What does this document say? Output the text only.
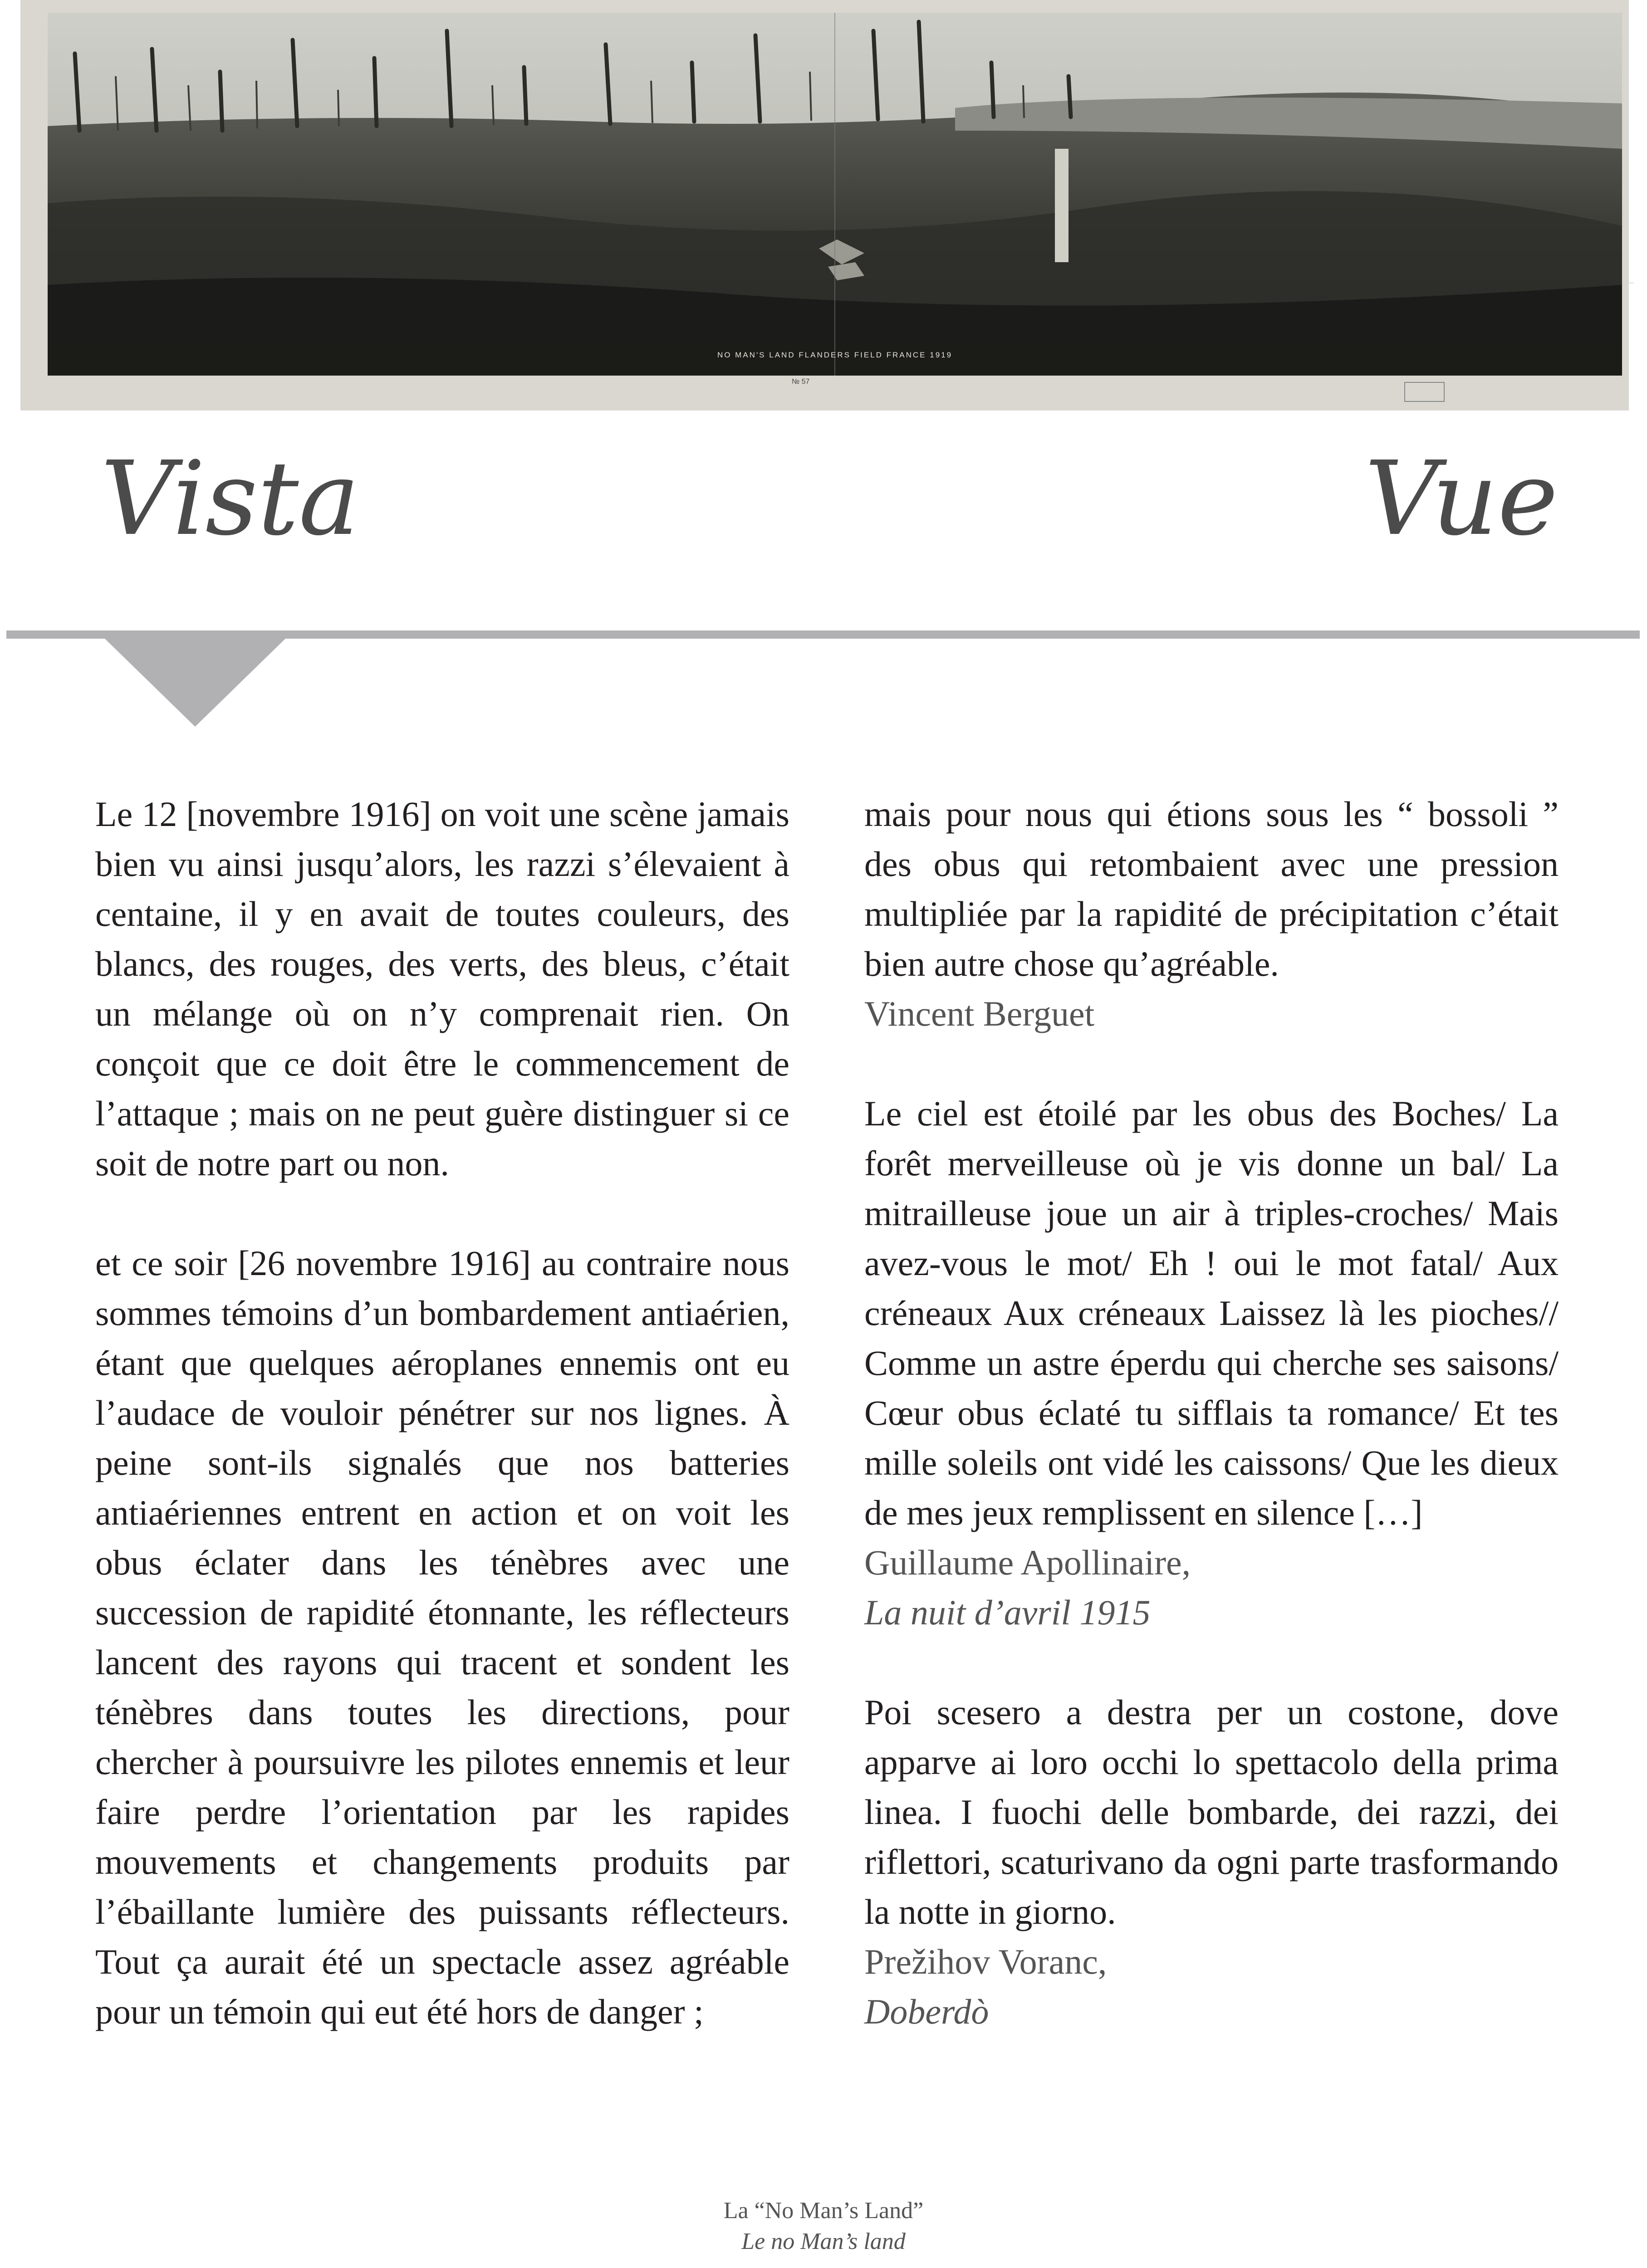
NO MAN'S LAND FLANDERS FIELD FRANCE 1919
▪▪▪
№ 57
Vista	Vue

Le 12 [novembre 1916] on voit une scène jamais bien vu ainsi jusqu’alors, les razzi s’élevaient à centaine, il y en avait de toutes couleurs, des blancs, des rouges, des verts, des bleus, c’était un mélange où on n’y comprenait rien. On conçoit que ce doit être le commencement de l’attaque ; mais on ne peut guère distinguer si ce soit de notre part ou non.

et ce soir [26 novembre 1916] au contraire nous sommes témoins d’un bombardement antiaérien, étant que quelques aéroplanes ennemis ont eu l’audace de vouloir pénétrer sur nos lignes. À peine sont-ils signalés que nos batteries antiaériennes entrent en action et on voit les obus éclater dans les ténèbres avec une succession de rapidité étonnante, les réflecteurs lancent des rayons qui tracent et sondent les ténèbres dans toutes les directions, pour chercher à poursuivre les pilotes ennemis et leur faire perdre l’orientation par les rapides mouvements et changements produits par l’ébaillante lumière des puissants réflecteurs. Tout ça aurait été un spectacle assez agréable pour un témoin qui eut été hors de danger ;

mais pour nous qui étions sous les “ bossoli ” des obus qui retombaient avec une pression multipliée par la rapidité de précipitation c’était bien autre chose qu’agréable.

Vincent Berguet

Le ciel est étoilé par les obus des Boches/ La forêt merveilleuse où je vis donne un bal/ La mitrailleuse joue un air à triples-croches/ Mais avez-vous le mot/ Eh ! oui le mot fatal/ Aux créneaux Aux créneaux Laissez là les pioches// Comme un astre éperdu qui cherche ses saisons/ Cœur obus éclaté tu sifflais ta romance/ Et tes mille soleils ont vidé les caissons/ Que les dieux de mes jeux remplissent en silence […]

Guillaume Apollinaire,

La nuit d’avril 1915

Poi scesero a destra per un costone, dove apparve ai loro occhi lo spettacolo della prima linea. I fuochi delle bombarde, dei razzi, dei riflettori, scaturivano da ogni parte trasformando la notte in giorno.

Prežihov Voranc,

Doberdò

La “No Man’s Land”
Le no Man’s land
